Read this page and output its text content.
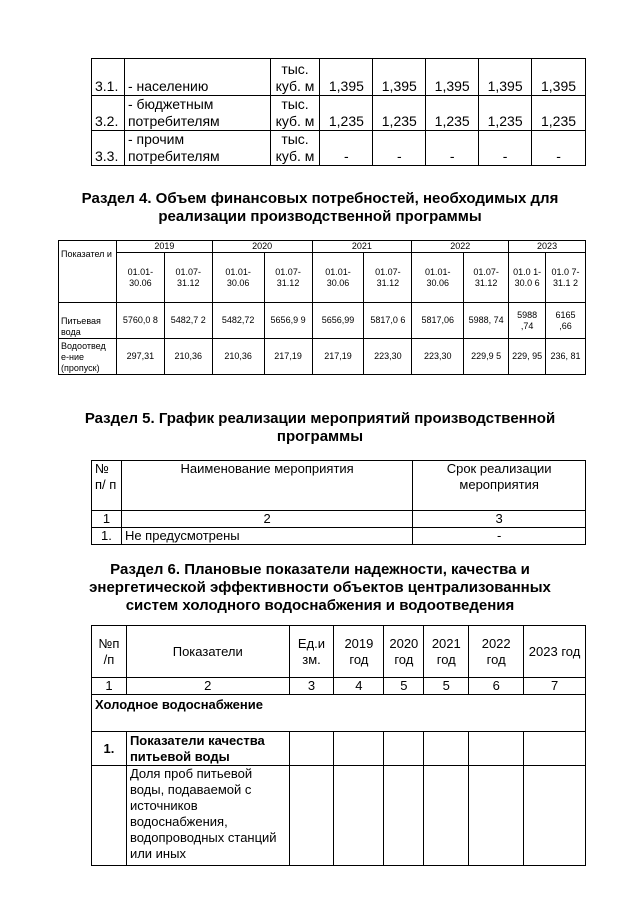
3.1.	- населению	тыс. куб. м	1,395	1,395	1,395	1,395	1,395
3.2.	- бюджетным потребителям	тыс. куб. м	1,235	1,235	1,235	1,235	1,235
3.3.	- прочим потребителям	тыс. куб. м	-	-	-	-	-
Раздел 4. Объем финансовых потребностей, необходимых для
реализации производственной программы
Показател и	2019		2020		2021		2022		2023	
	01.01- 30.06	01.07- 31.12	01.01- 30.06	01.07- 31.12	01.01- 30.06	01.07- 31.12	01.01- 30.06	01.07- 31.12	01.0 1- 30.0 6	01.0 7- 31.1 2
Питьевая вода	5760,0 8	5482,7 2	5482,72	5656,9 9	5656,99	5817,0 6	5817,06	5988, 74	5988 ,74	6165 ,66
Водоотвед е-ние (пропуск)	297,31	210,36	210,36	217,19	217,19	223,30	223,30	229,9 5	229, 95	236, 81
Раздел 5. График реализации мероприятий производственной
программы
№ п/ п	Наименование мероприятия	Срок реализации мероприятия
1	2	3
1.	Не предусмотрены	-
Раздел 6. Плановые показатели надежности, качества и
энергетической эффективности объектов централизованных
систем холодного водоснабжения и водоотведения
№п /п	Показатели	Ед.и зм.	2019 год	2020 год	2021 год	2022 год	2023 год
1	2	3	4	5	5	6	7
Холодное водоснабжение							
1.	Показатели качества питьевой воды						
	Доля проб питьевой воды, подаваемой с источников водоснабжения, водопроводных станций или иных						
